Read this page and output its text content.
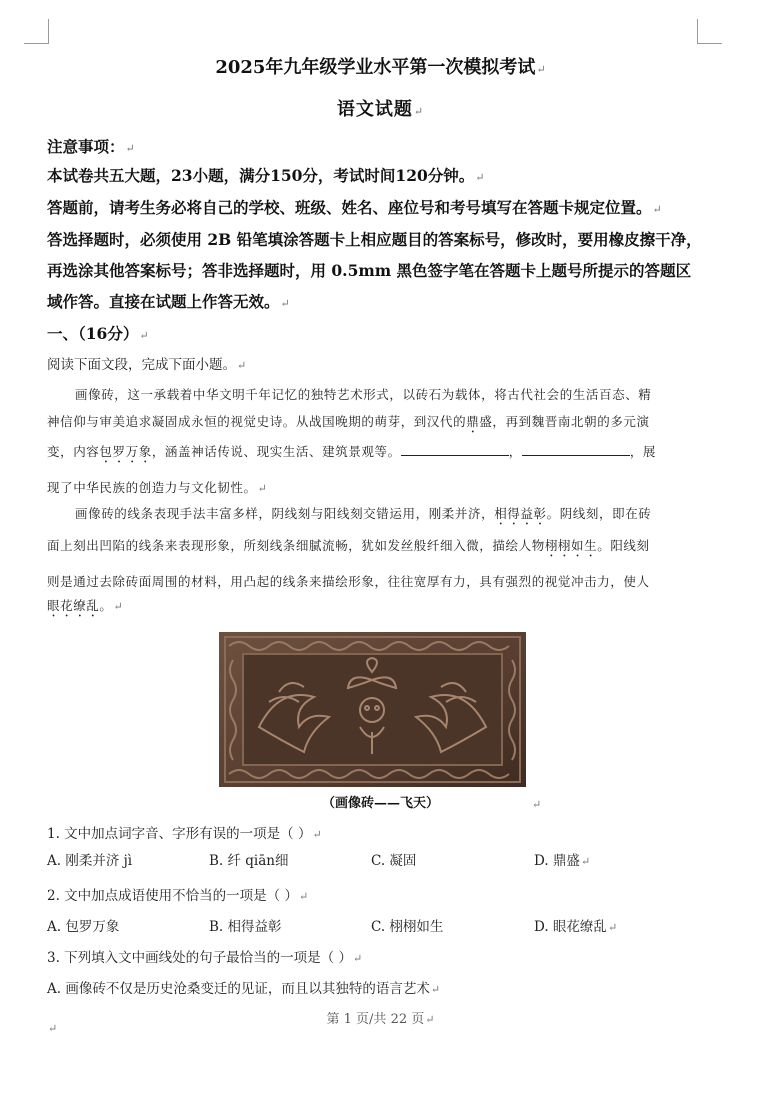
2025年九年级学业水平第一次模拟考试↵
语文试题↵
注意事项：↵
本试卷共五大题，23小题，满分150分，考试时间120分钟。↵
答题前，请考生务必将自己的学校、班级、姓名、座位号和考号填写在答题卡规定位置。↵
答选择题时，必须使用 2B 铅笔填涂答题卡上相应题目的答案标号，修改时，要用橡皮擦干净，
再选涂其他答案标号；答非选择题时，用 0.5mm 黑色签字笔在答题卡上题号所提示的答题区
域作答。直接在试题上作答无效。↵
一、（16分）↵
阅读下面文段，完成下面小题。↵
画像砖，这一承载着中华文明千年记忆的独特艺术形式，以砖石为载体，将古代社会的生活百态、精
神信仰与审美追求凝固成永恒的视觉史诗。从战国晚期的萌芽，到汉代的鼎盛，再到魏晋南北朝的多元演
变，内容包罗万象，涵盖神话传说、现实生活、建筑景观等。	，	，展
现了中华民族的创造力与文化韧性。↵
画像砖的线条表现手法丰富多样，阴线刻与阳线刻交错运用，刚柔并济，相得益彰。阴线刻，即在砖
面上刻出凹陷的线条来表现形象，所刻线条细腻流畅，犹如发丝般纤细入微，描绘人物栩栩如生。阳线刻
则是通过去除砖面周围的材料，用凸起的线条来描绘形象，往往宽厚有力，具有强烈的视觉冲击力，使人
眼花缭乱。↵
（画像砖——飞天）	↵
1. 文中加点词字音、字形有误的一项是（ ）↵
A. 刚柔并济 jì	B. 纤 qiān细	C. 凝固	D. 鼎盛↵
2. 文中加点成语使用不恰当的一项是（ ）↵
A. 包罗万象	B. 相得益彰	C. 栩栩如生	D. 眼花缭乱↵
3. 下列填入文中画线处的句子最恰当的一项是（ ）↵
A. 画像砖不仅是历史沧桑变迁的见证，而且以其独特的语言艺术↵
第 1 页/共 22 页↵
↵
